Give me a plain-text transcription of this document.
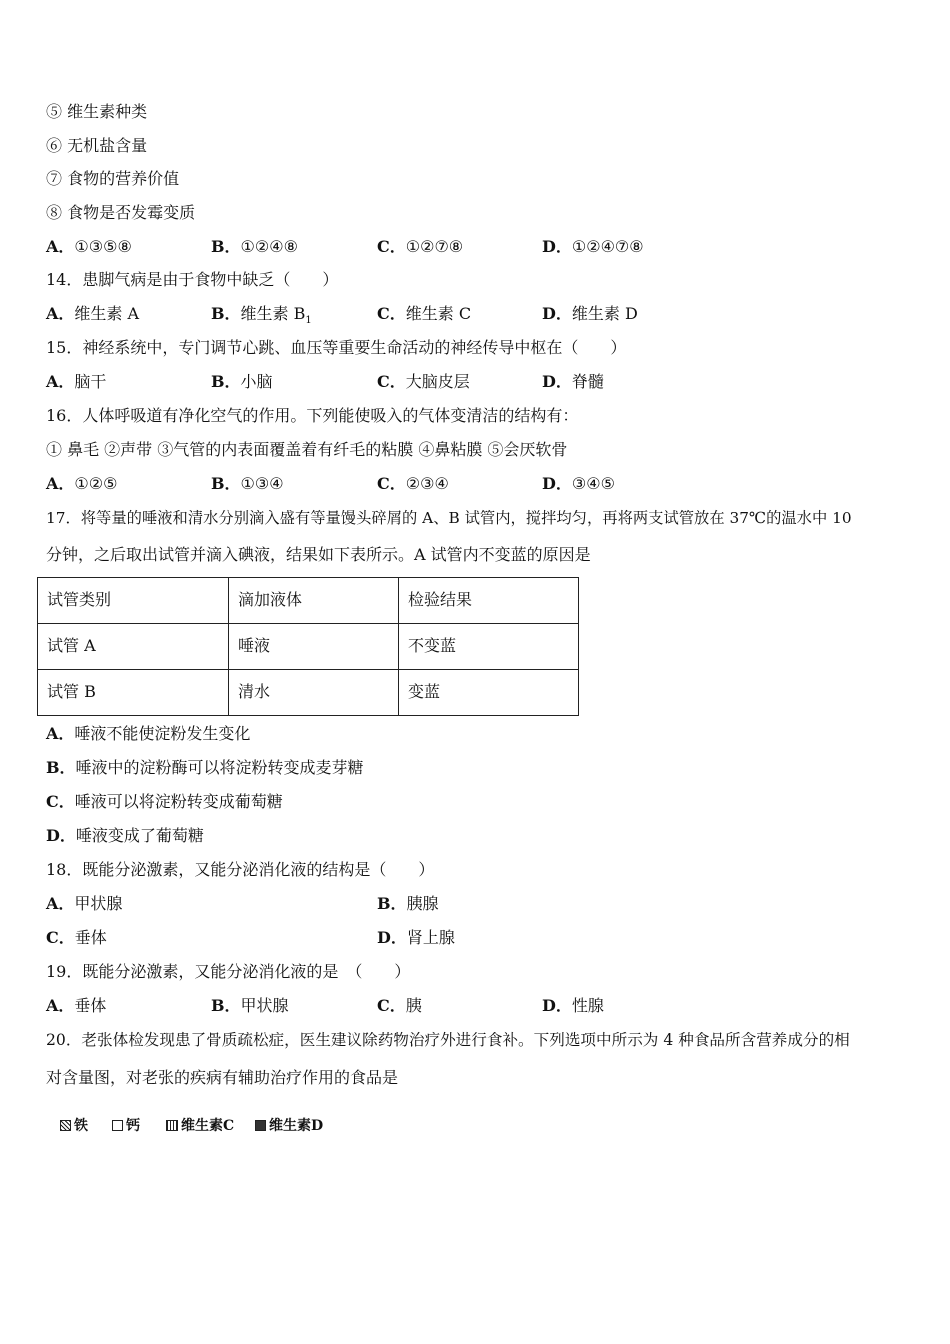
⑤ 维生素种类
⑥ 无机盐含量
⑦ 食物的营养价值
⑧ 食物是否发霉变质
A．①③⑤⑧	B．①②④⑧	C．①②⑦⑧	D．①②④⑦⑧
14．患脚气病是由于食物中缺乏（　　）
A．维生素 A	B．维生素 $B_1$	C．维生素 C	D．维生素 D
15．神经系统中，专门调节心跳、血压等重要生命活动的神经传导中枢在（　　）
A．脑干	B．小脑	C．大脑皮层	D．脊髓
16．人体呼吸道有净化空气的作用。下列能使吸入的气体变清洁的结构有：
① 鼻毛 ②声带 ③气管的内表面覆盖着有纤毛的粘膜 ④鼻粘膜 ⑤会厌软骨
A．①②⑤	B．①③④	C．②③④	D．③④⑤
17．将等量的唾液和清水分别滴入盛有等量馒头碎屑的 A、B 试管内，搅拌均匀，再将两支试管放在 37℃的温水中 10
分钟，之后取出试管并滴入碘液，结果如下表所示。A 试管内不变蓝的原因是
试管类别	滴加液体	检验结果
试管 A	唾液	不变蓝
试管 B	清水	变蓝
A．唾液不能使淀粉发生变化
B．唾液中的淀粉酶可以将淀粉转变成麦芽糖
C．唾液可以将淀粉转变成葡萄糖
D．唾液变成了葡萄糖
18．既能分泌激素，又能分泌消化液的结构是（　　）
A．甲状腺	B．胰腺
C．垂体	D．肾上腺
19．既能分泌激素，又能分泌消化液的是　（　　）
A．垂体	B．甲状腺	C．胰	D．性腺
20．老张体检发现患了骨质疏松症，医生建议除药物治疗外进行食补。下列选项中所示为 4 种食品所含营养成分的相
对含量图，对老张的疾病有辅助治疗作用的食品是
铁	钙	维生素C	维生素D
